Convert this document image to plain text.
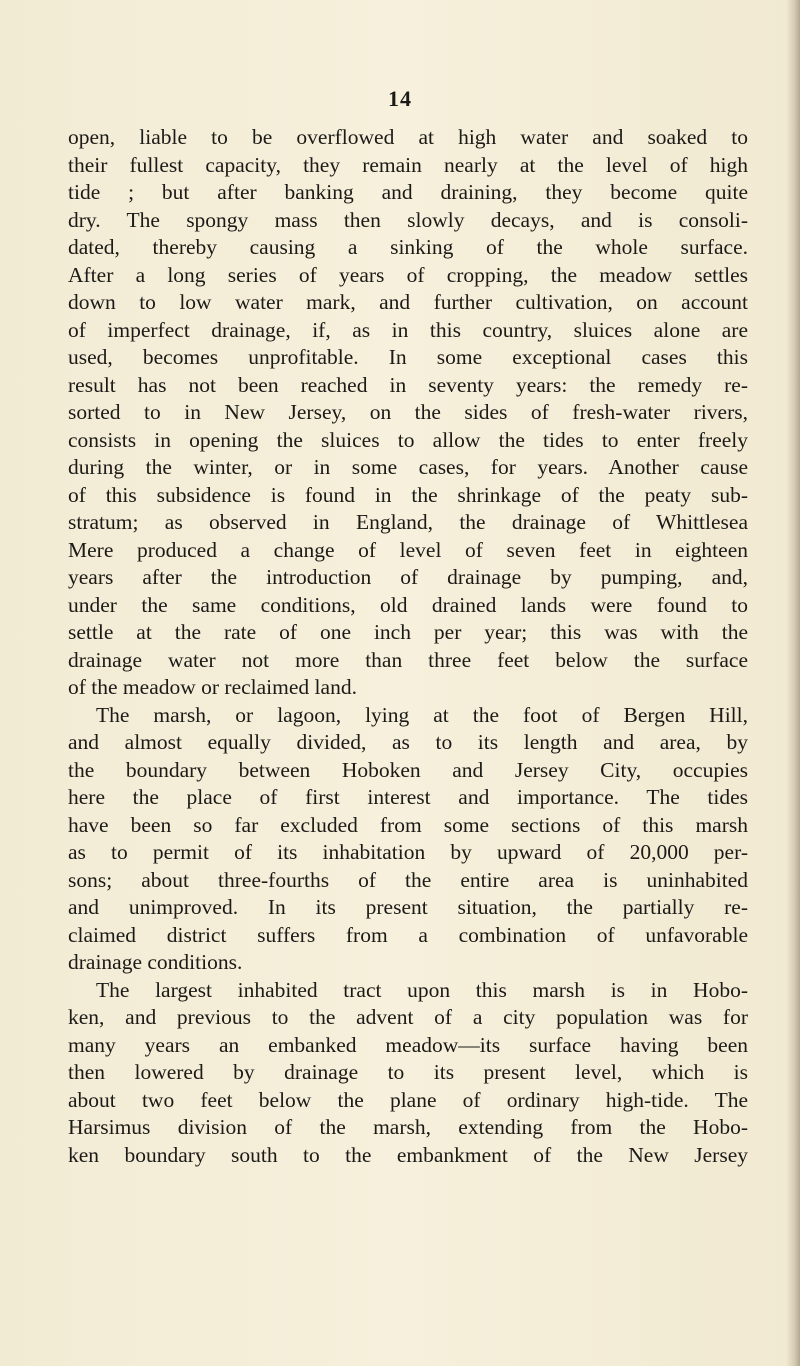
14
open, liable to be overflowed at high water and soaked to
their fullest capacity, they remain nearly at the level of high
tide ; but after banking and draining, they become quite
dry. The spongy mass then slowly decays, and is consoli-
dated, thereby causing a sinking of the whole surface.
After a long series of years of cropping, the meadow settles
down to low water mark, and further cultivation, on account
of imperfect drainage, if, as in this country, sluices alone are
used, becomes unprofitable. In some exceptional cases this
result has not been reached in seventy years: the remedy re-
sorted to in New Jersey, on the sides of fresh-water rivers,
consists in opening the sluices to allow the tides to enter freely
during the winter, or in some cases, for years. Another cause
of this subsidence is found in the shrinkage of the peaty sub-
stratum; as observed in England, the drainage of Whittlesea
Mere produced a change of level of seven feet in eighteen
years after the introduction of drainage by pumping, and,
under the same conditions, old drained lands were found to
settle at the rate of one inch per year; this was with the
drainage water not more than three feet below the surface
of the meadow or reclaimed land.
The marsh, or lagoon, lying at the foot of Bergen Hill,
and almost equally divided, as to its length and area, by
the boundary between Hoboken and Jersey City, occupies
here the place of first interest and importance. The tides
have been so far excluded from some sections of this marsh
as to permit of its inhabitation by upward of 20,000 per-
sons; about three-fourths of the entire area is uninhabited
and unimproved. In its present situation, the partially re-
claimed district suffers from a combination of unfavorable
drainage conditions.
The largest inhabited tract upon this marsh is in Hobo-
ken, and previous to the advent of a city population was for
many years an embanked meadow—its surface having been
then lowered by drainage to its present level, which is
about two feet below the plane of ordinary high-tide. The
Harsimus division of the marsh, extending from the Hobo-
ken boundary south to the embankment of the New Jersey
